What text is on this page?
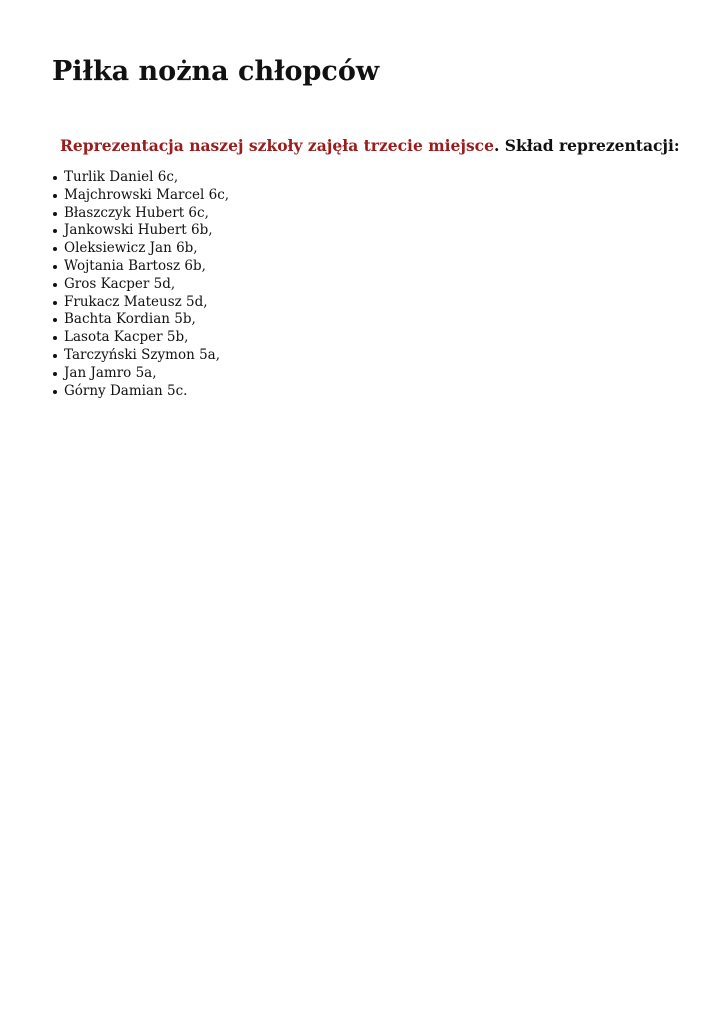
Piłka nożna chłopców

Reprezentacja naszej szkoły zajęła trzecie miejsce. Skład reprezentacji:

Turlik Daniel 6c,
Majchrowski Marcel 6c,
Błaszczyk Hubert 6c,
Jankowski Hubert 6b,
Oleksiewicz Jan 6b,
Wojtania Bartosz 6b,
Gros Kacper 5d,
Frukacz Mateusz 5d,
Bachta Kordian 5b,
Lasota Kacper 5b,
Tarczyński Szymon 5a,
Jan Jamro 5a,
Górny Damian 5c.
